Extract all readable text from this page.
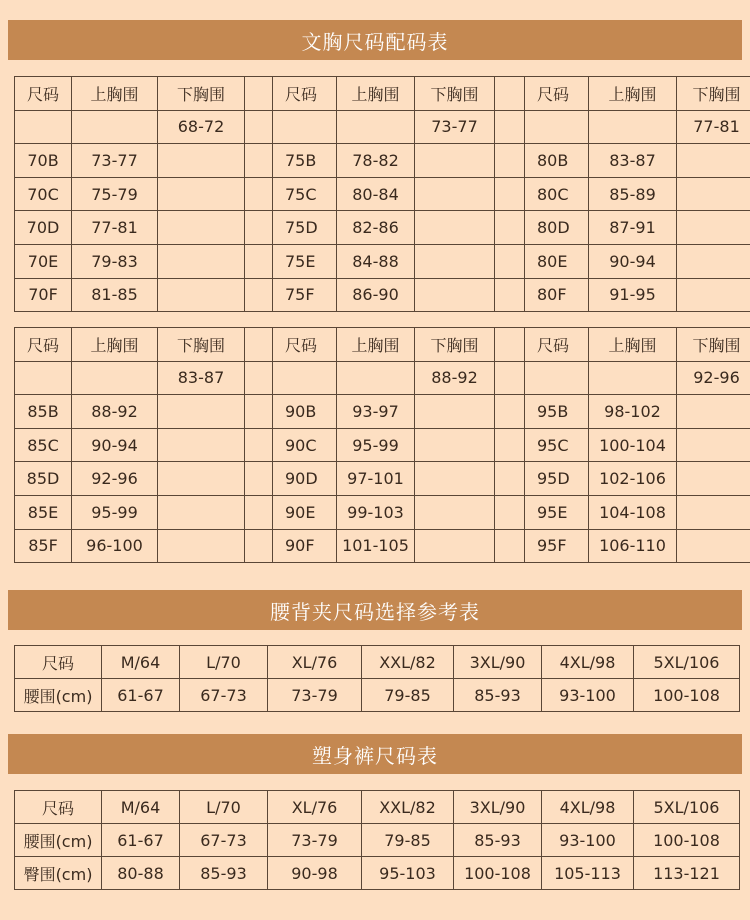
文胸尺码配码表
尺码	上胸围	下胸围		尺码	上胸围	下胸围		尺码	上胸围	下胸围
		68-72				73-77				77-81
70B	73-77			75B	78-82			80B	83-87	
70C	75-79			75C	80-84			80C	85-89	
70D	77-81			75D	82-86			80D	87-91	
70E	79-83			75E	84-88			80E	90-94	
70F	81-85			75F	86-90			80F	91-95	
尺码	上胸围	下胸围		尺码	上胸围	下胸围		尺码	上胸围	下胸围
		83-87				88-92				92-96
85B	88-92			90B	93-97			95B	98-102	
85C	90-94			90C	95-99			95C	100-104	
85D	92-96			90D	97-101			95D	102-106	
85E	95-99			90E	99-103			95E	104-108	
85F	96-100			90F	101-105			95F	106-110	
腰背夹尺码选择参考表
尺码	M/64	L/70	XL/76	XXL/82	3XL/90	4XL/98	5XL/106
腰围(cm)	61-67	67-73	73-79	79-85	85-93	93-100	100-108
塑身裤尺码表
尺码	M/64	L/70	XL/76	XXL/82	3XL/90	4XL/98	5XL/106
腰围(cm)	61-67	67-73	73-79	79-85	85-93	93-100	100-108
臀围(cm)	80-88	85-93	90-98	95-103	100-108	105-113	113-121
